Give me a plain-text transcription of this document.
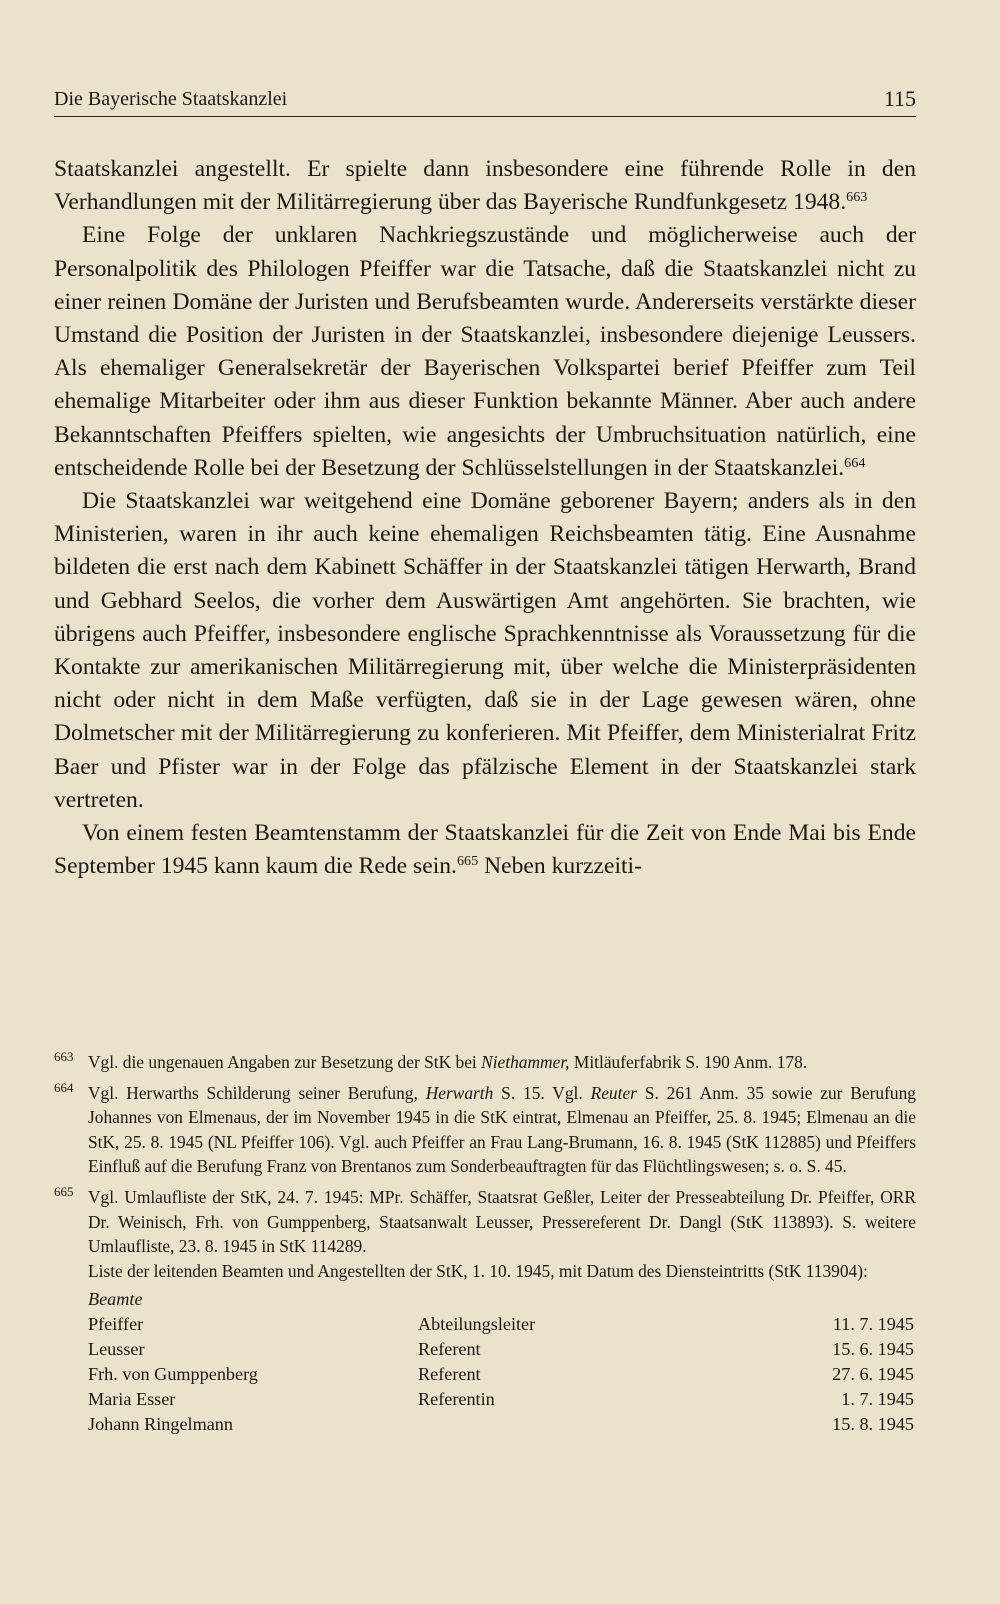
Die Bayerische Staatskanzlei	115

Staatskanzlei angestellt. Er spielte dann insbesondere eine führende Rolle in den Verhandlungen mit der Militärregierung über das Bayerische Rundfunkgesetz 1948.$^{663}$

Eine Folge der unklaren Nachkriegszustände und möglicherweise auch der Personalpolitik des Philologen Pfeiffer war die Tatsache, daß die Staatskanzlei nicht zu einer reinen Domäne der Juristen und Berufsbeamten wurde. Andererseits verstärkte dieser Umstand die Position der Juristen in der Staatskanzlei, insbesondere diejenige Leussers. Als ehemaliger Generalsekretär der Bayerischen Volkspartei berief Pfeiffer zum Teil ehemalige Mitarbeiter oder ihm aus dieser Funktion bekannte Männer. Aber auch andere Bekanntschaften Pfeiffers spielten, wie angesichts der Umbruchsituation natürlich, eine entscheidende Rolle bei der Besetzung der Schlüsselstellungen in der Staatskanzlei.$^{664}$

Die Staatskanzlei war weitgehend eine Domäne geborener Bayern; anders als in den Ministerien, waren in ihr auch keine ehemaligen Reichsbeamten tätig. Eine Ausnahme bildeten die erst nach dem Kabinett Schäffer in der Staatskanzlei tätigen Herwarth, Brand und Gebhard Seelos, die vorher dem Auswärtigen Amt angehörten. Sie brachten, wie übrigens auch Pfeiffer, insbesondere englische Sprachkenntnisse als Voraussetzung für die Kontakte zur amerikanischen Militärregierung mit, über welche die Ministerpräsidenten nicht oder nicht in dem Maße verfügten, daß sie in der Lage gewesen wären, ohne Dolmetscher mit der Militärregierung zu konferieren. Mit Pfeiffer, dem Ministerialrat Fritz Baer und Pfister war in der Folge das pfälzische Element in der Staatskanzlei stark vertreten.

Von einem festen Beamtenstamm der Staatskanzlei für die Zeit von Ende Mai bis Ende September 1945 kann kaum die Rede sein.$^{665}$ Neben kurzzeiti-

663 Vgl. die ungenauen Angaben zur Besetzung der StK bei Niethammer, Mitläuferfabrik S. 190 Anm. 178.

664 Vgl. Herwarths Schilderung seiner Berufung, Herwarth S. 15. Vgl. Reuter S. 261 Anm. 35 sowie zur Berufung Johannes von Elmenaus, der im November 1945 in die StK eintrat, Elmenau an Pfeiffer, 25. 8. 1945; Elmenau an die StK, 25. 8. 1945 (NL Pfeiffer 106). Vgl. auch Pfeiffer an Frau Lang-Brumann, 16. 8. 1945 (StK 112885) und Pfeiffers Einfluß auf die Berufung Franz von Brentanos zum Sonderbeauftragten für das Flüchtlingswesen; s. o. S. 45.

665 Vgl. Umlaufliste der StK, 24. 7. 1945: MPr. Schäffer, Staatsrat Geßler, Leiter der Presseabteilung Dr. Pfeiffer, ORR Dr. Weinisch, Frh. von Gumppenberg, Staatsanwalt Leusser, Pressereferent Dr. Dangl (StK 113893). S. weitere Umlaufliste, 23. 8. 1945 in StK 114289.

Liste der leitenden Beamten und Angestellten der StK, 1. 10. 1945, mit Datum des Diensteintritts (StK 113904):

Beamte		
Pfeiffer	Abteilungsleiter	11. 7. 1945
Leusser	Referent	15. 6. 1945
Frh. von Gumppenberg	Referent	27. 6. 1945
Maria Esser	Referentin	1. 7. 1945
Johann Ringelmann		15. 8. 1945
